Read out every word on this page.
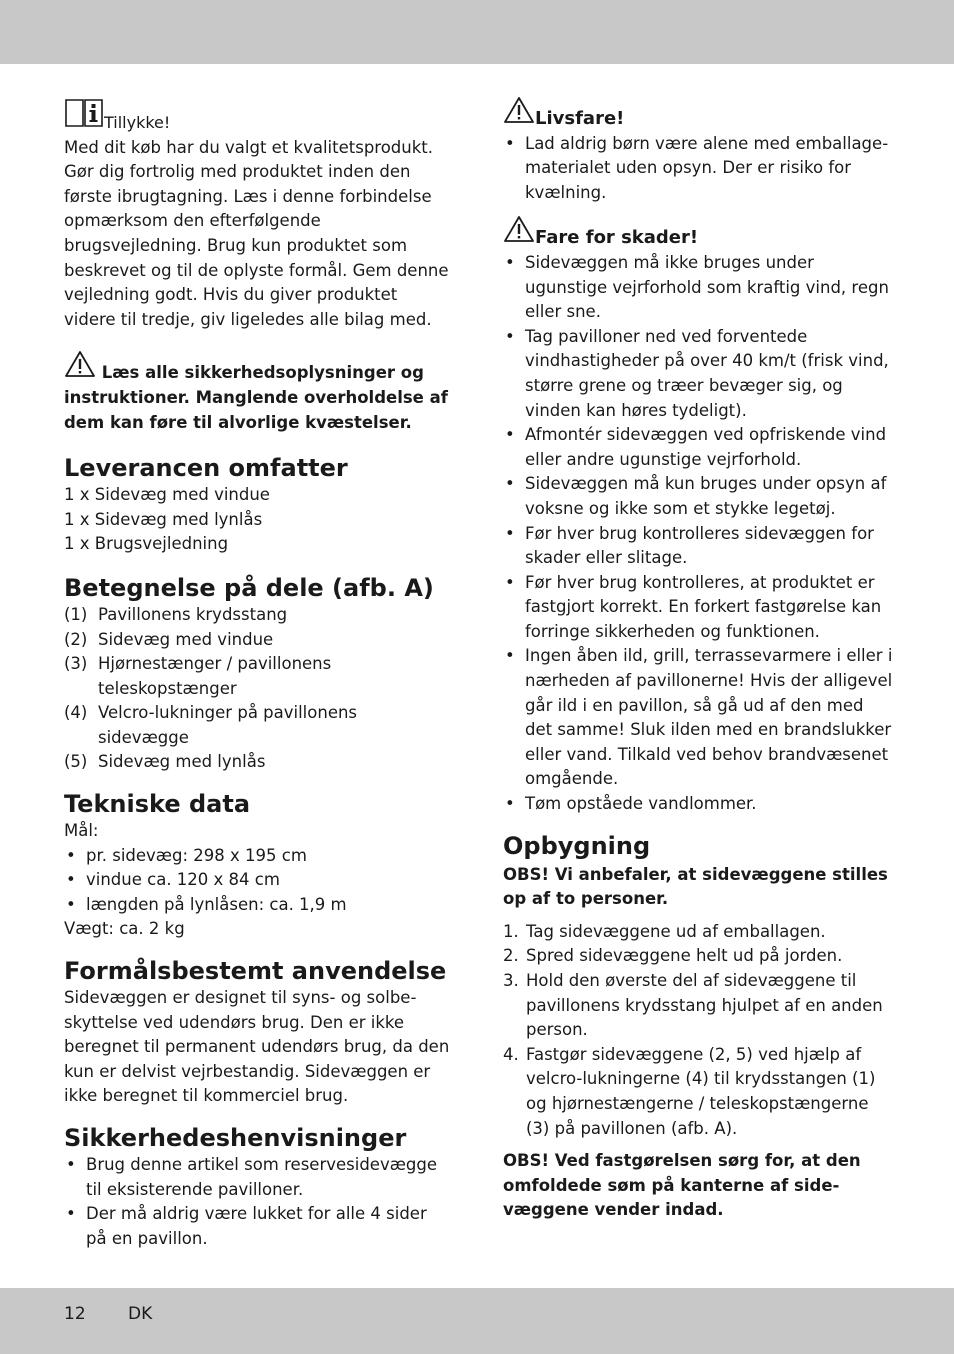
Tillykke!

Med dit køb har du valgt et kvalitetsprodukt. Gør dig fortrolig med produktet inden den første ibrugtagning. Læs i denne forbindelse opmærksom den efterfølgende brugsvejledning. Brug kun produktet som beskrevet og til de oplyste formål. Gem denne vejledning godt. Hvis du giver produktet videre til tredje, giv ligeledes alle bilag med.

Læs alle sikkerhedsoplysninger og instruktioner. Manglende overholdelse af dem kan føre til alvorlige kvæstelser.

Leverancen omfatter
1 x Sidevæg med vindue
1 x Sidevæg med lynlås
1 x Brugsvejledning
Betegnelse på dele (afb. A)
(1) Pavillonens krydsstang
(2) Sidevæg med vindue
(3) Hjørnestænger / pavillonens teleskopstænger
(4) Velcro-lukninger på pavillonens sidevægge
(5) Sidevæg med lynlås
Tekniske data

Mål:

• pr. sidevæg: 298 x 195 cm
• vindue ca. 120 x 84 cm
• længden på lynlåsen: ca. 1,9 m

Vægt: ca. 2 kg

Formålsbestemt anvendelse

Sidevæggen er designet til syns- og solbeskyttelse ved udendørs brug. Den er ikke beregnet til permanent udendørs brug, da den kun er delvist vejrbestandig. Sidevæggen er ikke beregnet til kommerciel brug.

Sikkerhedeshenvisninger
• Brug denne artikel som reservesidevægge til eksisterende pavilloner.
• Der må aldrig være lukket for alle 4 sider på en pavillon.
Livsfare!
• Lad aldrig børn være alene med emballagematerialet uden opsyn. Der er risiko for kvælning.
Fare for skader!
• Sidevæggen må ikke bruges under ugunstige vejrforhold som kraftig vind, regn eller sne.
• Tag pavilloner ned ved forventede vindhastigheder på over 40 km/t (frisk vind, større grene og træer bevæger sig, og vinden kan høres tydeligt).
• Afmontér sidevæggen ved opfriskende vind eller andre ugunstige vejrforhold.
• Sidevæggen må kun bruges under opsyn af voksne og ikke som et stykke legetøj.
• Før hver brug kontrolleres sidevæggen for skader eller slitage.
• Før hver brug kontrolleres, at produktet er fastgjort korrekt. En forkert fastgørelse kan forringe sikkerheden og funktionen.
• Ingen åben ild, grill, terrassevarmere i eller i nærheden af pavillonerne! Hvis der alligevel går ild i en pavillon, så gå ud af den med det samme! Sluk ilden med en brandslukker eller vand. Tilkald ved behov brandvæsenet omgående.
• Tøm opståede vandlommer.
Opbygning

OBS! Vi anbefaler, at sidevæggene stilles op af to personer.

1. Tag sidevæggene ud af emballagen.
2. Spred sidevæggene helt ud på jorden.
3. Hold den øverste del af sidevæggene til pavillonens krydsstang hjulpet af en anden person.
4. Fastgør sidevæggene (2, 5) ved hjælp af velcro-lukningerne (4) til krydsstangen (1) og hjørnestængerne / teleskopstængerne (3) på pavillonen (afb. A).

OBS! Ved fastgørelsen sørg for, at den omfoldede søm på kanterne af sidevæggene vender indad.

12 DK
